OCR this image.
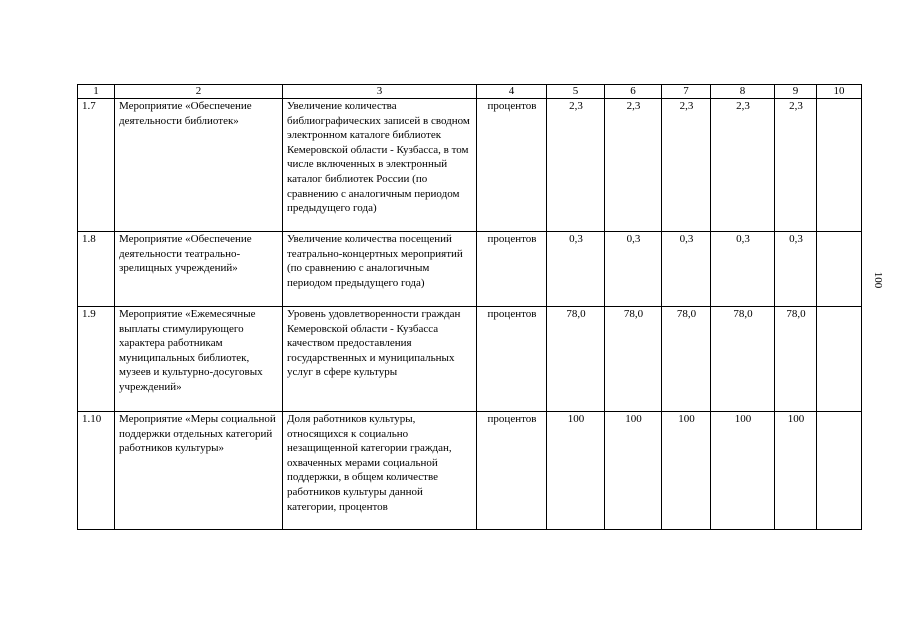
1	2	3	4	5	6	7	8	9	10
1.7	Мероприятие «Обеспечение деятельности библиотек»	Увеличение количества библиографических записей в сводном электронном каталоге библиотек Кемеровской области - Кузбасса, в том числе включенных в электронный каталог библиотек России (по сравнению с аналогичным периодом предыдущего года)	процентов	2,3	2,3	2,3	2,3	2,3	
1.8	Мероприятие «Обеспечение деятельности театрально-зрелищных учреждений»	Увеличение количества посещений театрально-концертных мероприятий (по сравнению с аналогичным периодом предыдущего года)	процентов	0,3	0,3	0,3	0,3	0,3	
1.9	Мероприятие «Ежемесячные выплаты стимулирующего характера работникам муниципальных библиотек, музеев и культурно-досуговых учреждений»	Уровень удовлетворенности граждан Кемеровской области - Кузбасса качеством предоставления государственных и муниципальных услуг в сфере культуры	процентов	78,0	78,0	78,0	78,0	78,0	
1.10	Мероприятие «Меры социальной поддержки отдельных категорий работников культуры»	Доля работников культуры, относящихся к социально незащищенной категории граждан, охваченных мерами социальной поддержки, в общем количестве работников культуры данной категории, процентов	процентов	100	100	100	100	100	
100
